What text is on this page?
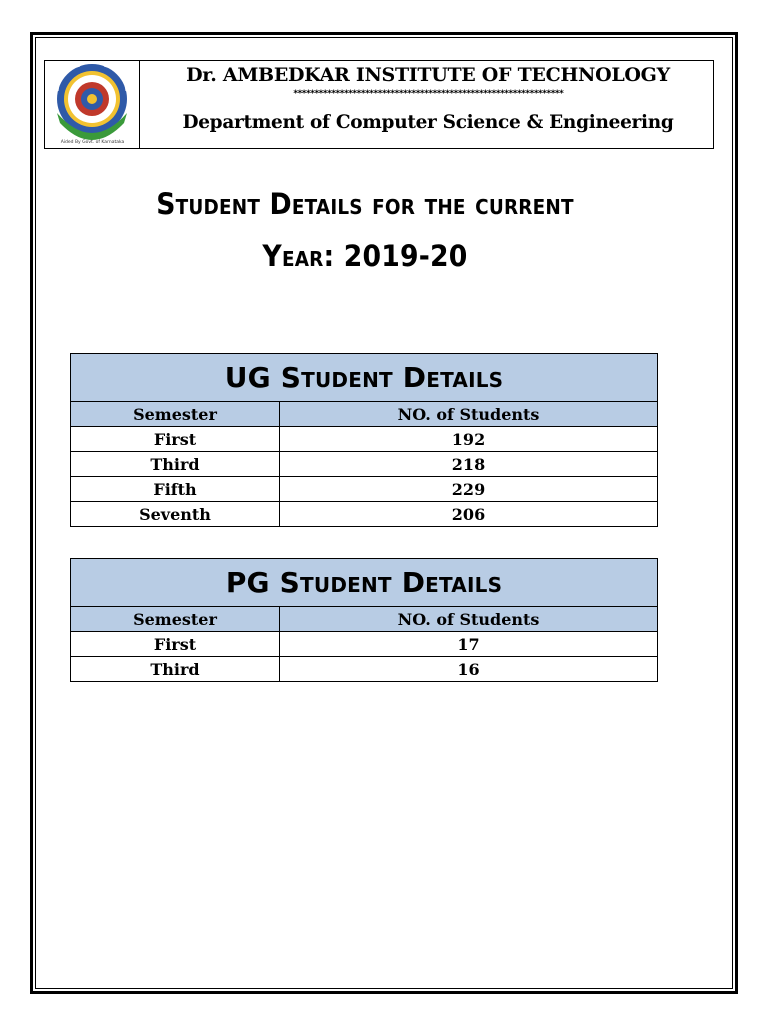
Aided By Govt. of Karnataka
Dr. AMBEDKAR INSTITUTE OF TECHNOLOGY
****************************************************************
Department of Computer Science & Engineering
Student Details for the current
Year: 2019-20
UG Student Details	
Semester	NO. of Students
First	192
Third	218
Fifth	229
Seventh	206
PG Student Details	
Semester	NO. of Students
First	17
Third	16
